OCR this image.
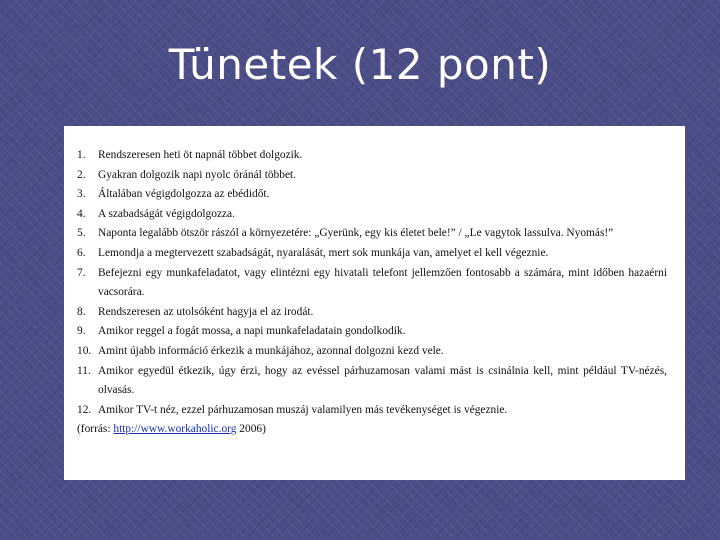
Tünetek (12 pont)
1.	Rendszeresen heti öt napnál többet dolgozik.
2.	Gyakran dolgozik napi nyolc óránál többet.
3.	Általában végigdolgozza az ebédidőt.
4.	A szabadságát végigdolgozza.
5.	Naponta legalább ötször rászól a környezetére: „Gyerünk, egy kis életet bele!” / „Le vagytok lassulva. Nyomás!”
6.	Lemondja a megtervezett szabadságát, nyaralását, mert sok munkája van, amelyet el kell végeznie.
7.	Befejezni egy munkafeladatot, vagy elintézni egy hivatali telefont jellemzően fontosabb a számára, mint időben hazaérni vacsorára.
8.	Rendszeresen az utolsóként hagyja el az irodát.
9.	Amikor reggel a fogát mossa, a napi munkafeladatain gondolkodik.
10. Amint újabb információ érkezik a munkájához, azonnal dolgozni kezd vele.
11. Amikor egyedül étkezik, úgy érzi, hogy az evéssel párhuzamosan valami mást is csinálnia kell, mint például TV-nézés, olvasás.
12. Amikor TV-t néz, ezzel párhuzamosan muszáj valamilyen más tevékenységet is végeznie.
(forrás: http://www.workaholic.org 2006)
